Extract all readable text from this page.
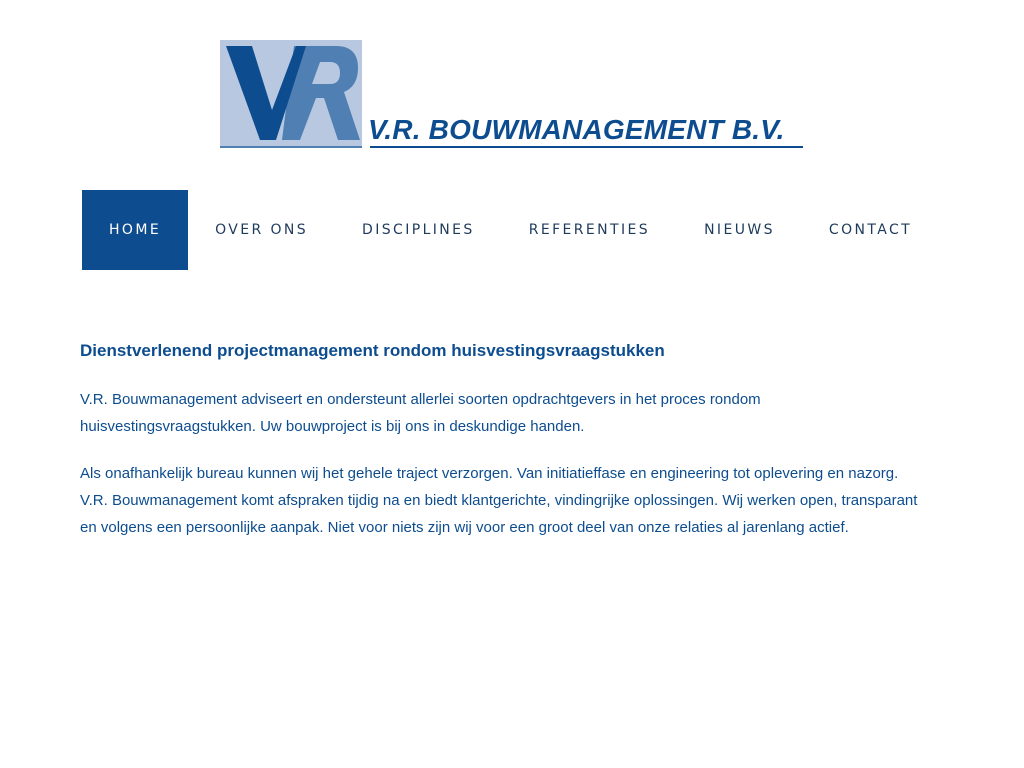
V.R. BOUWMANAGEMENT B.V.
HOME	OVER ONS	DISCIPLINES	REFERENTIES	NIEUWS	CONTACT
Dienstverlenend projectmanagement rondom huisvestingsvraagstukken

V.R. Bouwmanagement adviseert en ondersteunt allerlei soorten opdrachtgevers in het proces rondom huisvestingsvraagstukken. Uw bouwproject is bij ons in deskundige handen.

Als onafhankelijk bureau kunnen wij het gehele traject verzorgen. Van initiatieffase en engineering tot oplevering en nazorg. V.R. Bouwmanagement komt afspraken tijdig na en biedt klantgerichte, vindingrijke oplossingen. Wij werken open, transparant en volgens een persoonlijke aanpak. Niet voor niets zijn wij voor een groot deel van onze relaties al jarenlang actief.
